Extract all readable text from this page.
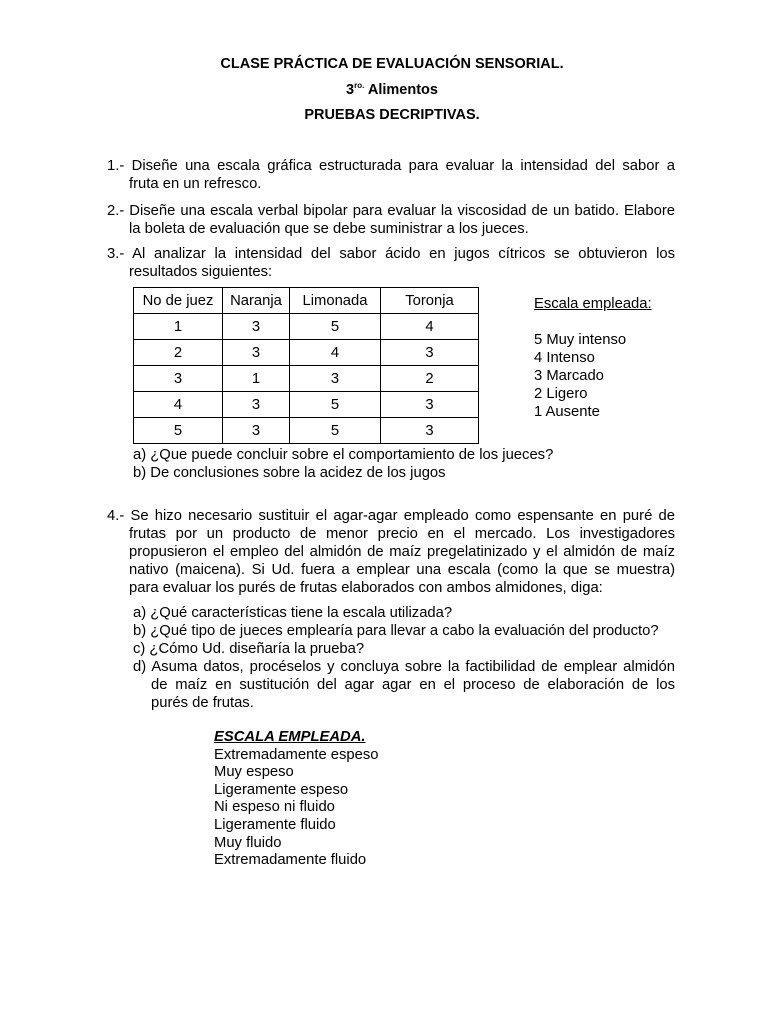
CLASE PRÁCTICA DE EVALUACIÓN SENSORIAL.
$3^{ro.}$ Alimentos
PRUEBAS DECRIPTIVAS.
1.- Diseñe una escala gráfica estructurada para evaluar la intensidad del sabor a
fruta en un refresco.
2.- Diseñe una escala verbal bipolar para evaluar la viscosidad de un batido. Elabore
la boleta de evaluación que se debe suministrar a los jueces.
3.- Al analizar la intensidad del sabor ácido en jugos cítricos se obtuvieron los
resultados siguientes:
No de juez	Naranja	Limonada	Toronja
1	3	5	4
2	3	4	3
3	1	3	2
4	3	5	3
5	3	5	3
Escala empleada:
5 Muy intenso
4 Intenso
3 Marcado
2 Ligero
1 Ausente
a) ¿Que puede concluir sobre el comportamiento de los jueces?
b) De conclusiones sobre la acidez de los jugos
4.- Se hizo necesario sustituir el agar-agar empleado como espensante en puré de
frutas por un producto de menor precio en el mercado. Los investigadores
propusieron el empleo del almidón de maíz pregelatinizado y el almidón de maíz
nativo (maicena). Si Ud. fuera a emplear una escala (como la que se muestra)
para evaluar los purés de frutas elaborados con ambos almidones, diga:
a) ¿Qué características tiene la escala utilizada?
b) ¿Qué tipo de jueces emplearía para llevar a cabo la evaluación del producto?
c) ¿Cómo Ud. diseñaría la prueba?
d) Asuma datos, procéselos y concluya sobre la factibilidad de emplear almidón
de maíz en sustitución del agar agar en el proceso de elaboración de los
purés de frutas.
ESCALA EMPLEADA.
Extremadamente espeso
Muy espeso
Ligeramente espeso
Ni espeso ni fluido
Ligeramente fluido
Muy fluido
Extremadamente fluido
